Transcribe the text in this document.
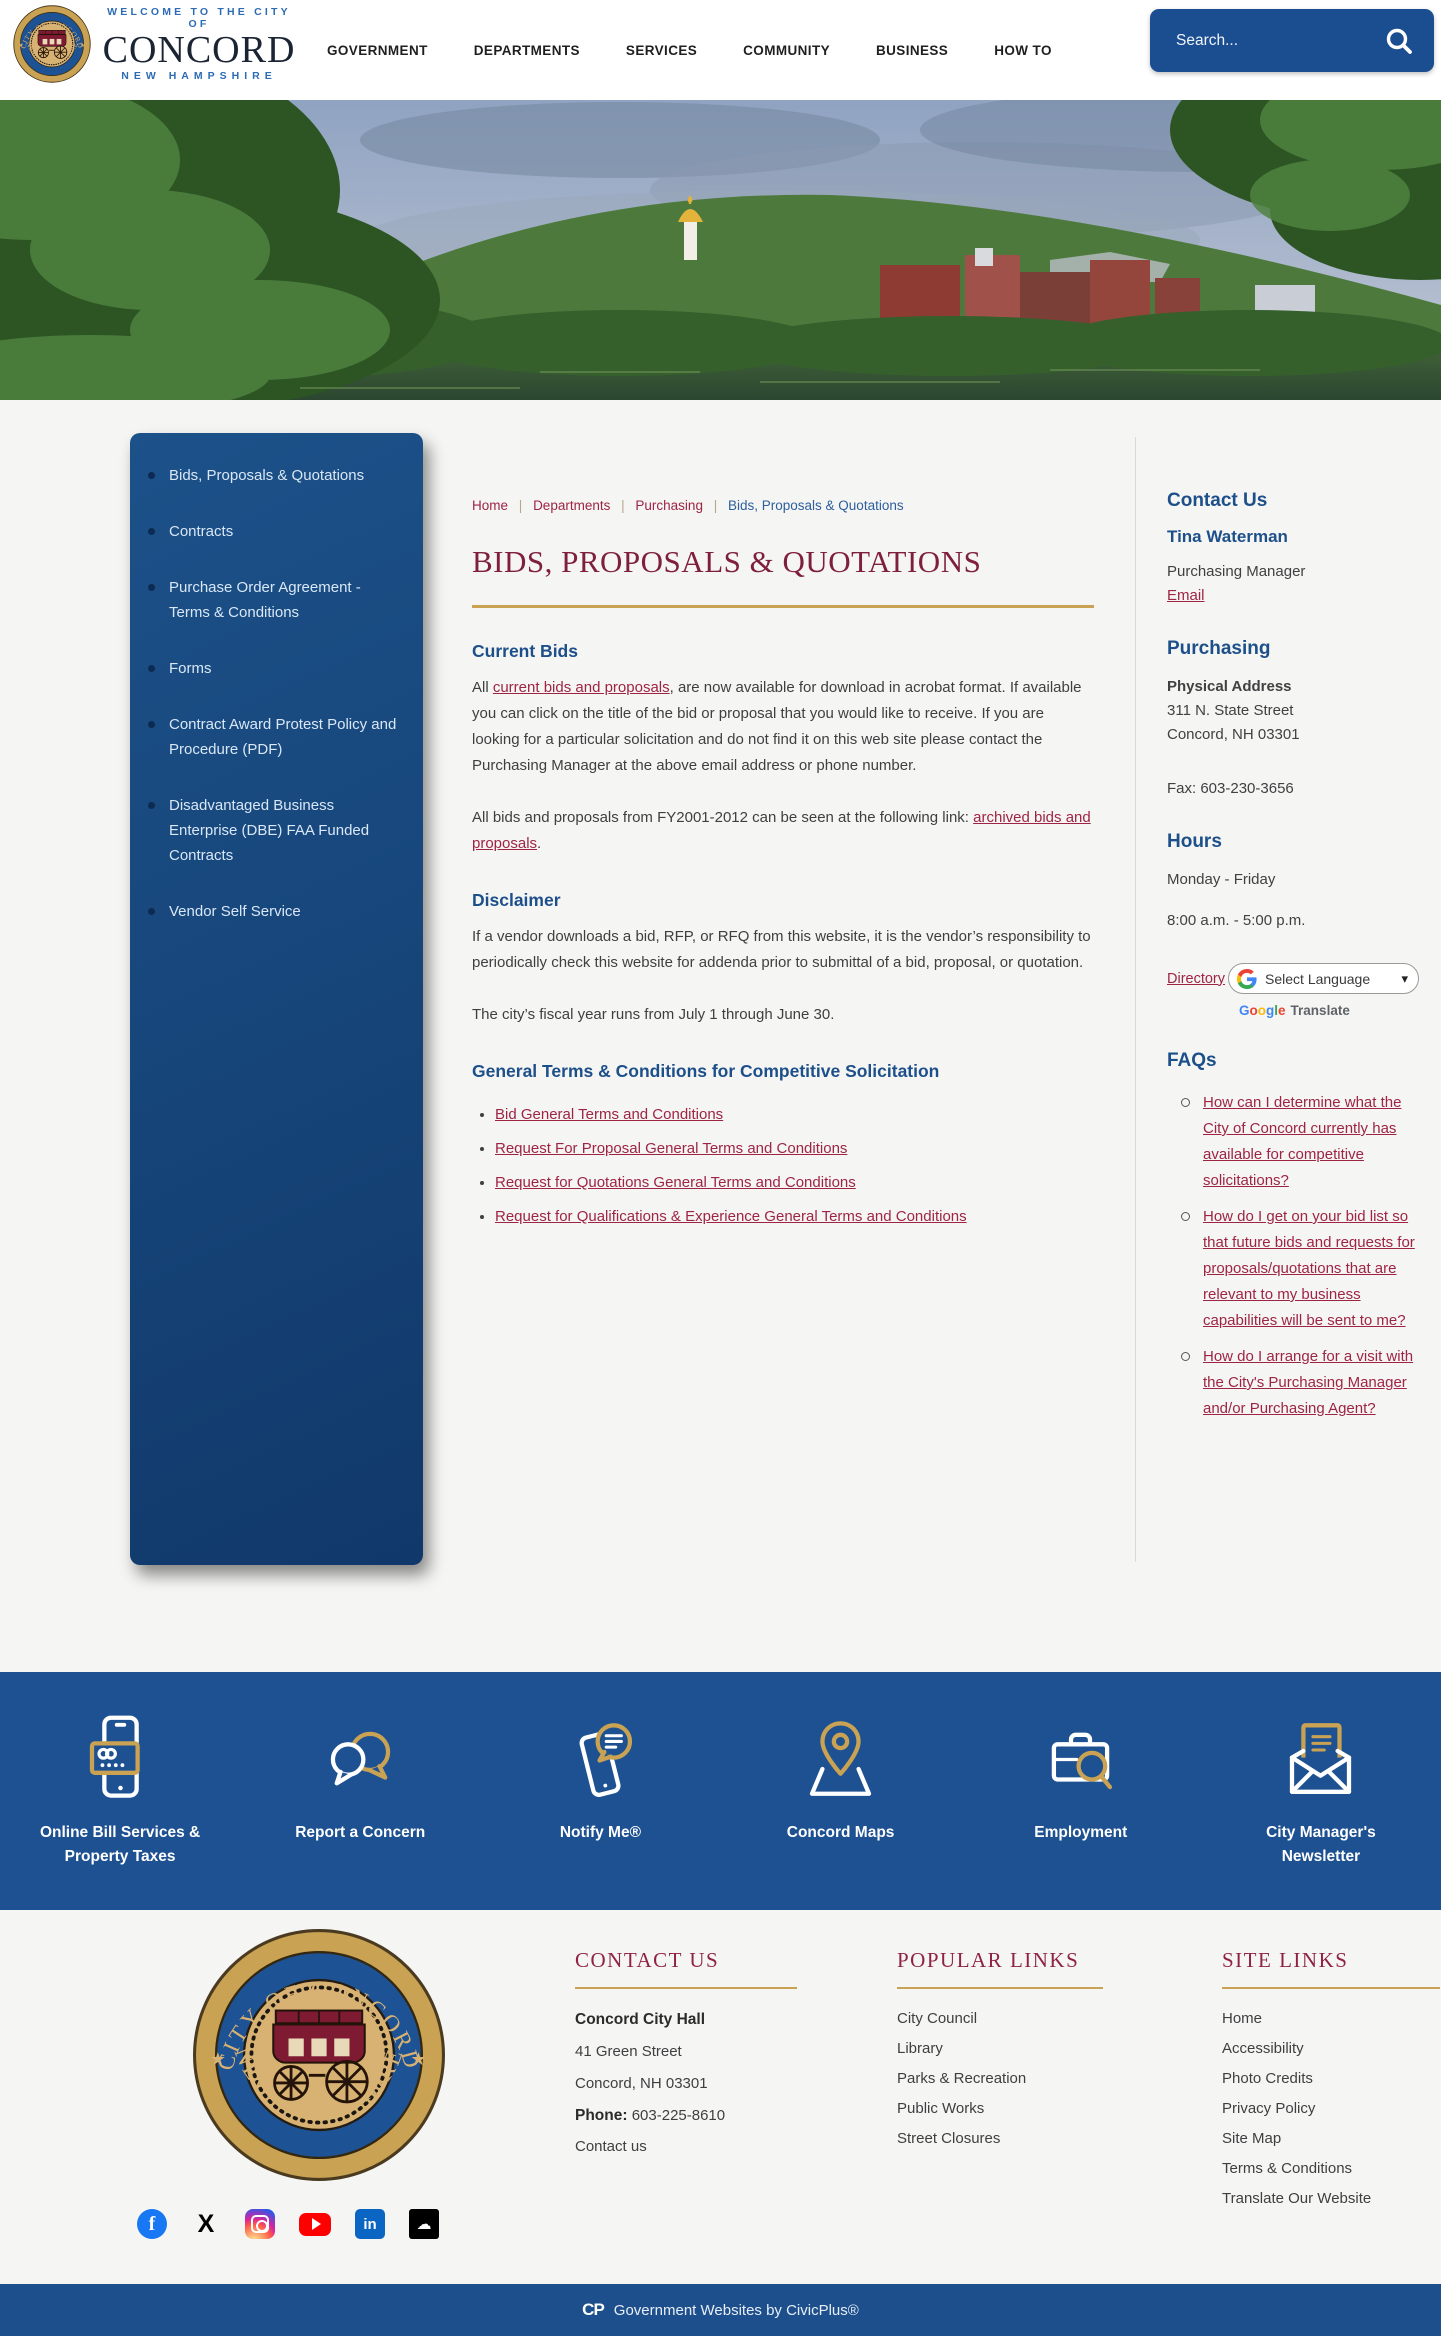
WELCOME TO THE CITY OF
CONCORD
NEW HAMPSHIRE
GOVERNMENT	DEPARTMENTS	SERVICES	COMMUNITY	BUSINESS	HOW TO
Search...
Bids, Proposals & Quotations
Contracts
Purchase Order Agreement - Terms & Conditions
Forms
Contract Award Protest Policy and Procedure (PDF)
Disadvantaged Business Enterprise (DBE) FAA Funded Contracts
Vendor Self Service
Home | Departments | Purchasing | Bids, Proposals & Quotations
BIDS, PROPOSALS & QUOTATIONS
Current Bids

All current bids and proposals, are now available for download in acrobat format. If available you can click on the title of the bid or proposal that you would like to receive. If you are looking for a particular solicitation and do not find it on this web site please contact the Purchasing Manager at the above email address or phone number.

All bids and proposals from FY2001-2012 can be seen at the following link: archived bids and proposals.

Disclaimer

If a vendor downloads a bid, RFP, or RFQ from this website, it is the vendor’s responsibility to periodically check this website for addenda prior to submittal of a bid, proposal, or quotation.

The city’s fiscal year runs from July 1 through June 30.

General Terms & Conditions for Competitive Solicitation
• Bid General Terms and Conditions
• Request For Proposal General Terms and Conditions
• Request for Quotations General Terms and Conditions
• Request for Qualifications & Experience General Terms and Conditions
Contact Us
Tina Waterman

Purchasing Manager

Email

Purchasing

Physical Address

311 N. State Street

Concord, NH 03301

Fax: 603-230-3656

Hours

Monday - Friday

8:00 a.m. - 5:00 p.m.

Directory	Select Language	▾
Google Translate
FAQs
How can I determine what the City of Concord currently has available for competitive solicitations?
How do I get on your bid list so that future bids and requests for proposals/quotations that are relevant to my business capabilities will be sent to me?
How do I arrange for a visit with the City's Purchasing Manager and/or Purchasing Agent?
Online Bill Services & Property Taxes
Report a Concern	Notify Me®	Concord Maps	Employment	City Manager's Newsletter
f	X	in	☁
CONTACT US
Concord City Hall
41 Green Street
Concord, NH 03301
Phone: 603-225-8610
Contact us
POPULAR LINKS
City Council
Library
Parks & Recreation
Public Works
Street Closures
SITE LINKS
Home
Accessibility
Photo Credits
Privacy Policy
Site Map
Terms & Conditions
Translate Our Website
CP Government Websites by CivicPlus®
